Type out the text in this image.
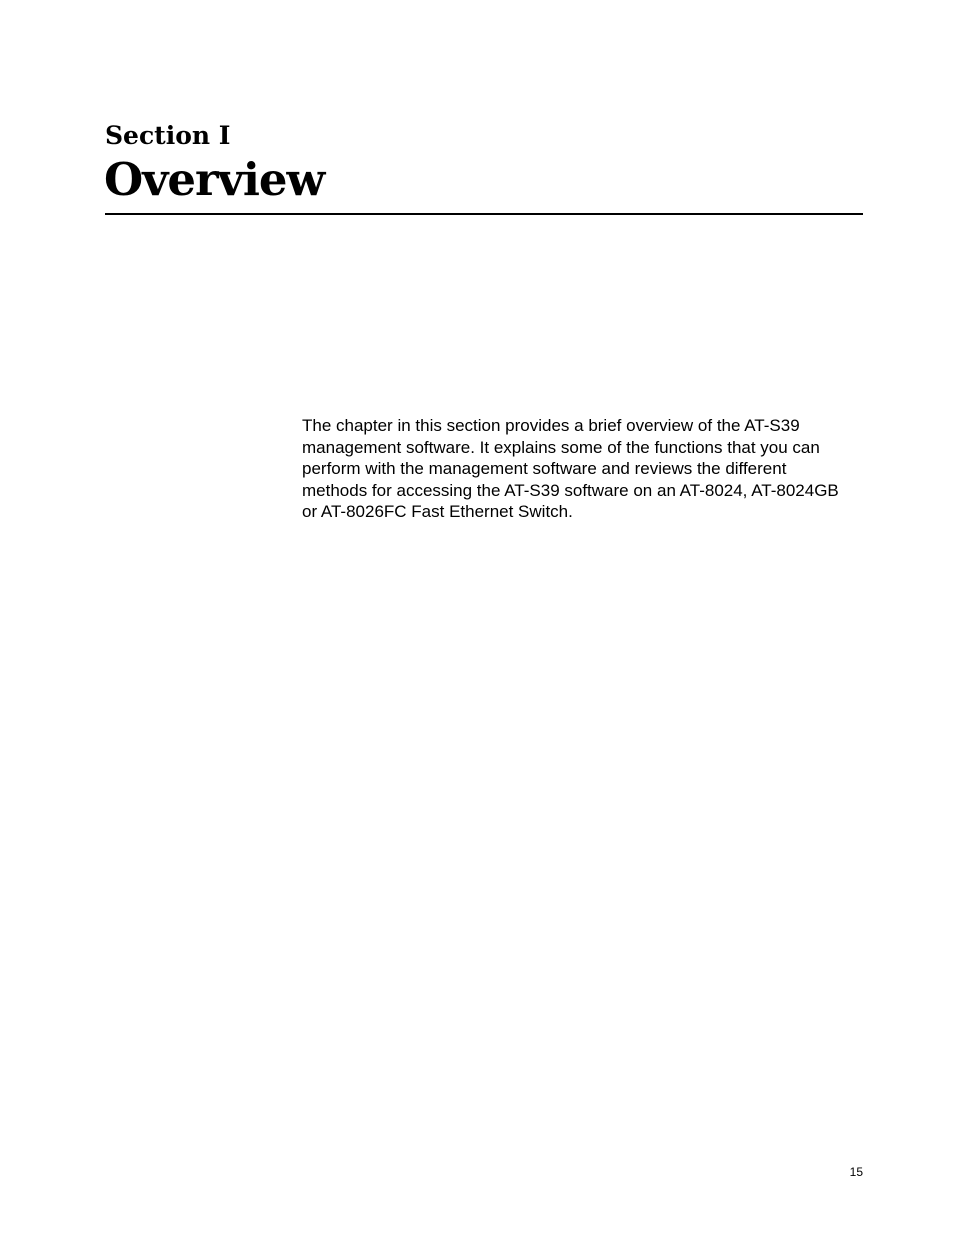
Section I
Overview

The chapter in this section provides a brief overview of the AT-S39
management software. It explains some of the functions that you can
perform with the management software and reviews the different
methods for accessing the AT-S39 software on an AT-8024, AT-8024GB
or AT-8026FC Fast Ethernet Switch.

15
